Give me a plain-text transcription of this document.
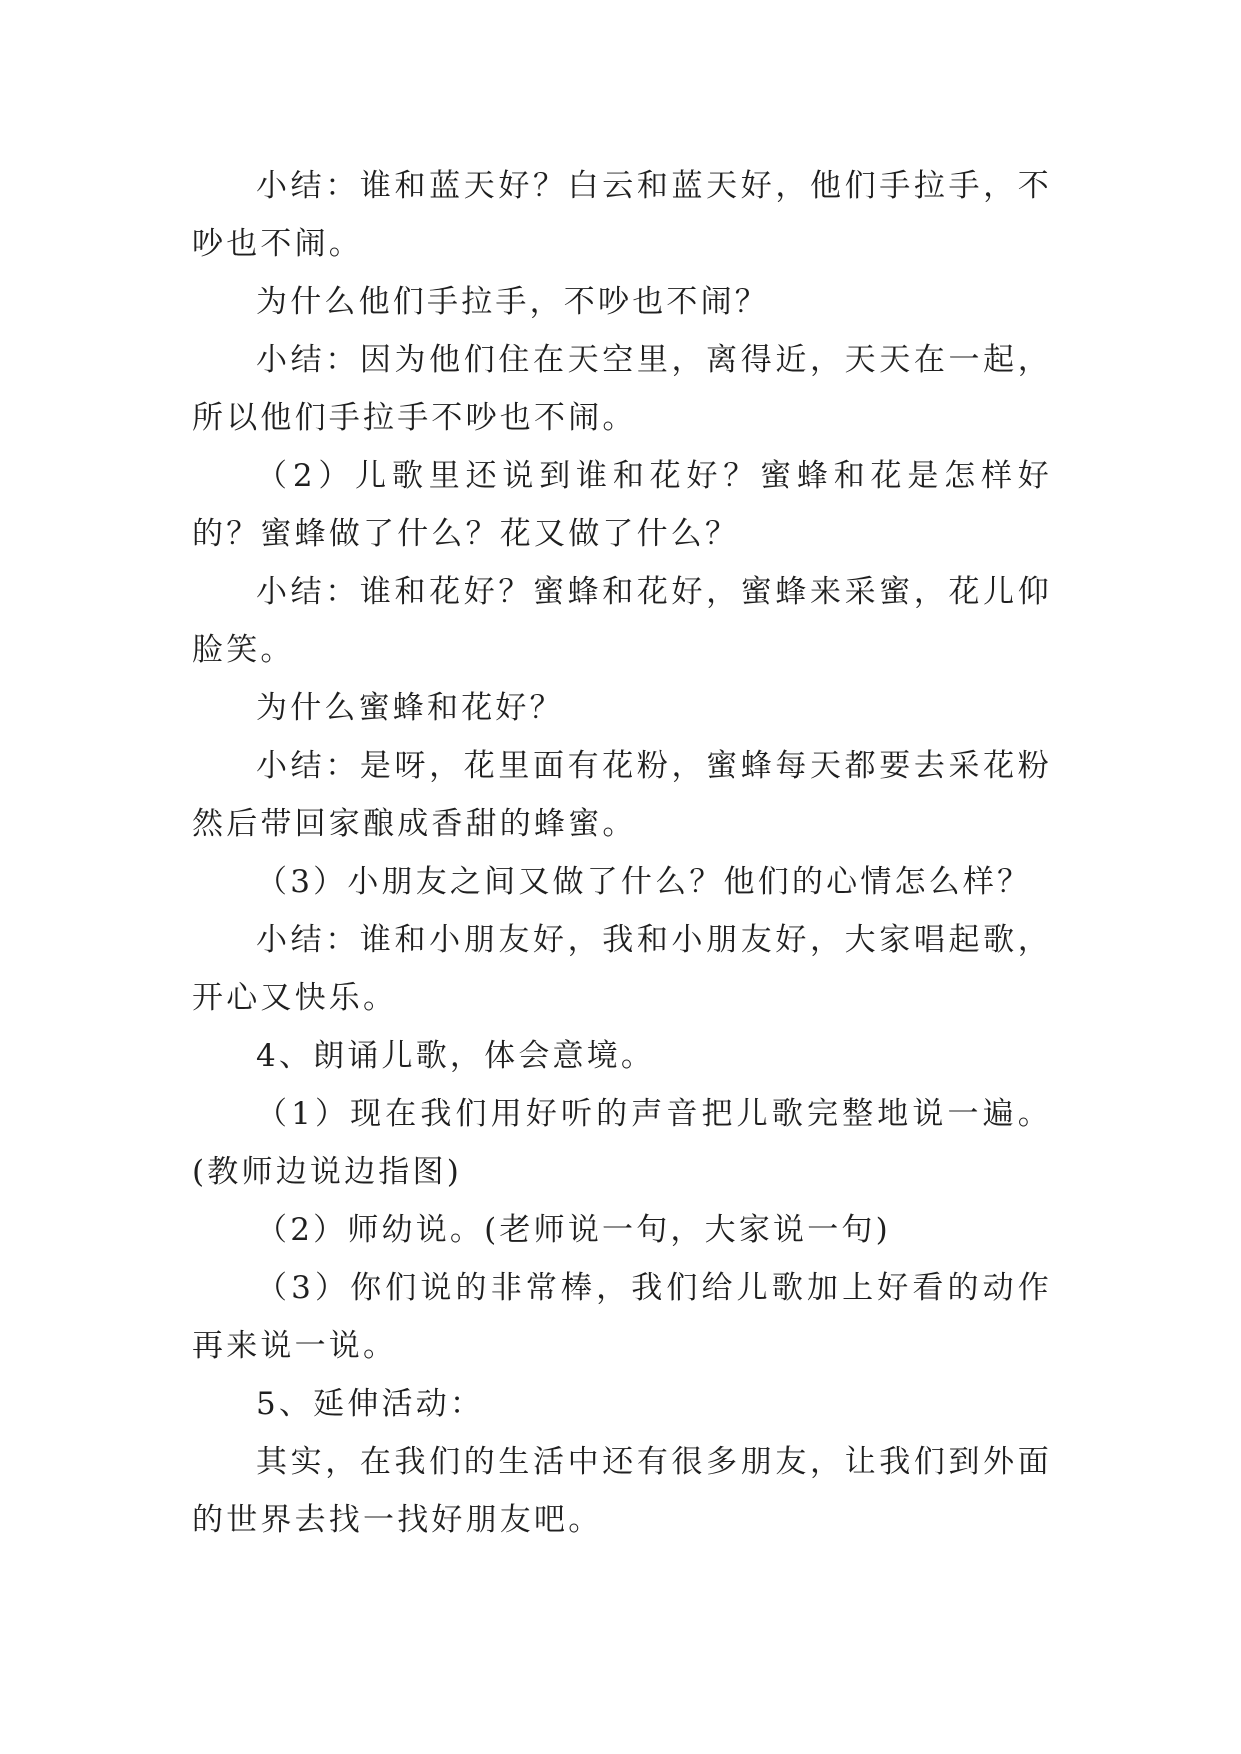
小结：谁和蓝天好？白云和蓝天好，他们手拉手，不吵也不闹。

为什么他们手拉手，不吵也不闹？

小结：因为他们住在天空里，离得近，天天在一起，所以他们手拉手不吵也不闹。

（2）儿歌里还说到谁和花好？蜜蜂和花是怎样好的？蜜蜂做了什么？花又做了什么？

小结：谁和花好？蜜蜂和花好，蜜蜂来采蜜，花儿仰脸笑。

为什么蜜蜂和花好？

小结：是呀，花里面有花粉，蜜蜂每天都要去采花粉然后带回家酿成香甜的蜂蜜。

（3）小朋友之间又做了什么？他们的心情怎么样？

小结：谁和小朋友好，我和小朋友好，大家唱起歌，开心又快乐。

4、朗诵儿歌，体会意境。

（1）现在我们用好听的声音把儿歌完整地说一遍。(教师边说边指图)

（2）师幼说。(老师说一句，大家说一句)

（3）你们说的非常棒，我们给儿歌加上好看的动作再来说一说。

5、延伸活动：

其实，在我们的生活中还有很多朋友，让我们到外面的世界去找一找好朋友吧。
